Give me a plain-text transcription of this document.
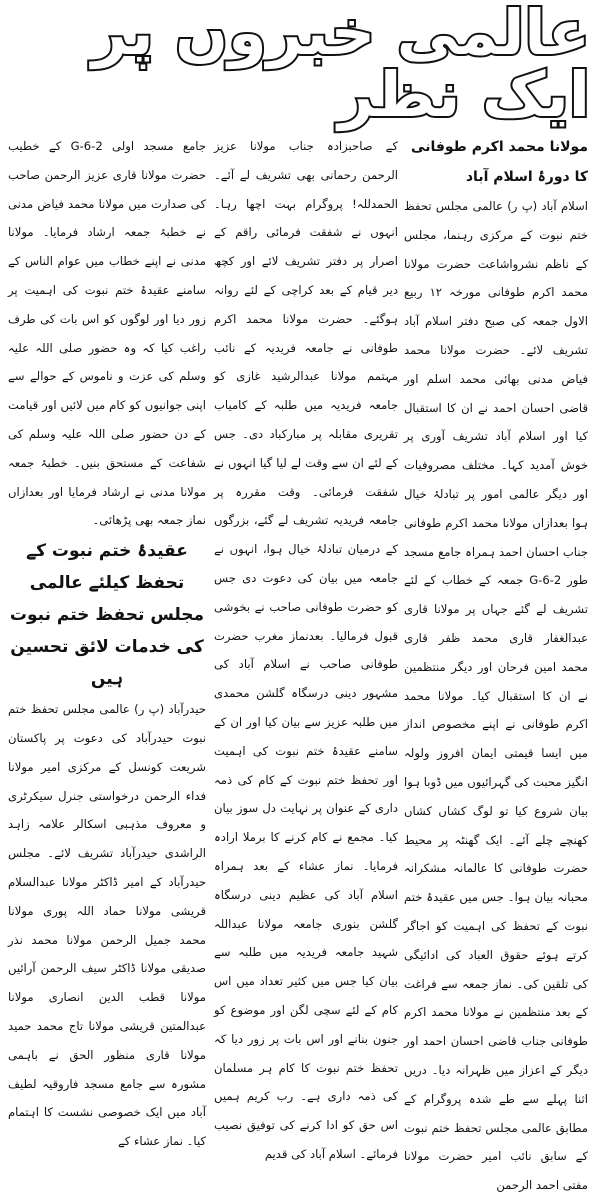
عالمی خبروں پر ایک نظر
مولانا محمد اکرم طوفانی کا دورۂ اسلام آباد

اسلام آباد (پ ر) عالمی مجلس تحفظ ختم نبوت کے مرکزی رہنما، مجلس کے ناظم نشرواشاعت حضرت مولانا محمد اکرم طوفانی مورخہ ۱۲ ربیع الاول جمعہ کی صبح دفتر اسلام آباد تشریف لائے۔ حضرت مولانا محمد فیاض مدنی بھائی محمد اسلم اور قاضی احسان احمد نے ان کا استقبال کیا اور اسلام آباد تشریف آوری پر خوش آمدید کہا۔ مختلف مصروفیات اور دیگر عالمی امور پر تبادلۂ خیال ہوا بعدازاں مولانا محمد اکرم طوفانی جناب احسان احمد ہمراہ جامع مسجد طور G-6-2 جمعہ کے خطاب کے لئے تشریف لے گئے جہاں پر مولانا قاری عبدالغفار قاری محمد ظفر قاری محمد امین فرحان اور دیگر منتظمین نے ان کا استقبال کیا۔ مولانا محمد اکرم طوفانی نے اپنے مخصوص انداز میں ایسا قیمتی ایمان افروز ولولہ انگیز محبت کی گہرائیوں میں ڈوبا ہوا بیان شروع کیا تو لوگ کشاں کشاں کھنچے چلے آئے۔ ایک گھنٹہ پر محیط حضرت طوفانی کا عالمانہ مشکرانہ محبانہ بیان ہوا۔ جس میں عقیدۂ ختم نبوت کے تحفظ کی اہمیت کو اجاگر کرتے ہوئے حقوق العباد کی ادائیگی کی تلقین کی۔ نماز جمعہ سے فراغت کے بعد منتظمین نے مولانا محمد اکرم طوفانی جناب قاضی احسان احمد اور دیگر کے اعزاز میں ظہرانہ دیا۔ دریں اثنا پہلے سے طے شدہ پروگرام کے مطابق عالمی مجلس تحفظ ختم نبوت کے سابق نائب امیر حضرت مولانا مفتی احمد الرحمن

کے صاحبزادہ جناب مولانا عزیز الرحمن رحمانی بھی تشریف لے آئے۔ الحمدللہ! پروگرام بہت اچھا رہا۔ انہوں نے شفقت فرمائی راقم کے اصرار پر دفتر تشریف لائے اور کچھ دیر قیام کے بعد کراچی کے لئے روانہ ہوگئے۔ حضرت مولانا محمد اکرم طوفانی نے جامعہ فریدیہ کے نائب مہتمم مولانا عبدالرشید غازی کو جامعہ فریدیہ میں طلبہ کے کامیاب تقریری مقابلہ پر مبارکباد دی۔ جس کے لئے ان سے وقت لے لیا گیا انہوں نے شفقت فرمائی۔ وقت مقررہ پر جامعہ فریدیہ تشریف لے گئے، بزرگوں کے درمیان تبادلۂ خیال ہوا، انہوں نے جامعہ میں بیان کی دعوت دی جس کو حضرت طوفانی صاحب نے بخوشی قبول فرمالیا۔ بعدنماز مغرب حضرت طوفانی صاحب نے اسلام آباد کی مشہور دینی درسگاہ گلشن محمدی میں طلبہ عزیز سے بیان کیا اور ان کے سامنے عقیدۂ ختم نبوت کی اہمیت اور تحفظ ختم نبوت کے کام کی ذمہ داری کے عنوان پر نہایت دل سوز بیان کیا۔ مجمع نے کام کرنے کا برملا ارادہ فرمایا۔ نماز عشاء کے بعد ہمراہ اسلام آباد کی عظیم دینی درسگاہ گلشن بنوری جامعہ مولانا عبداللہ شہید جامعہ فریدیہ میں طلبہ سے بیان کیا جس میں کثیر تعداد میں اس کام کے لئے سچی لگن اور موضوع کو جنون بنانے اور اس بات پر زور دیا کہ تحفظ ختم نبوت کا کام ہر مسلمان کی ذمہ داری ہے۔ رب کریم ہمیں اس حق کو ادا کرنے کی توفیق نصیب فرمائے۔ اسلام آباد کی قدیم

جامع مسجد اولی G-6-2 کے خطیب حضرت مولانا قاری عزیز الرحمن صاحب کی صدارت میں مولانا محمد فیاض مدنی نے خطبۂ جمعہ ارشاد فرمایا۔ مولانا مدنی نے اپنے خطاب میں عوام الناس کے سامنے عقیدۂ ختم نبوت کی اہمیت پر زور دیا اور لوگوں کو اس بات کی طرف راغب کیا کہ وہ حضور صلی اللہ علیہ وسلم کی عزت و ناموس کے حوالے سے اپنی جوانیوں کو کام میں لائیں اور قیامت کے دن حضور صلی اللہ علیہ وسلم کی شفاعت کے مستحق بنیں۔ خطبۂ جمعہ مولانا مدنی نے ارشاد فرمایا اور بعدازاں نماز جمعہ بھی پڑھائی۔

عقیدۂ ختم نبوت کے تحفظ کیلئے عالمی مجلس تحفظ ختم نبوت کی خدمات لائق تحسین ہیں

حیدرآباد (پ ر) عالمی مجلس تحفظ ختم نبوت حیدرآباد کی دعوت پر پاکستان شریعت کونسل کے مرکزی امیر مولانا فداء الرحمن درخواستی جنرل سیکرٹری و معروف مذہبی اسکالر علامہ زاہد الراشدی حیدرآباد تشریف لائے۔ مجلس حیدرآباد کے امیر ڈاکٹر مولانا عبدالسلام قریشی مولانا حماد اللہ پوری مولانا محمد جمیل الرحمن مولانا محمد نذر صدیقی مولانا ڈاکٹر سیف الرحمن آرائیں مولانا قطب الدین انصاری مولانا عبدالمتین قریشی مولانا تاج محمد حمید مولانا قاری منظور الحق نے باہمی مشورہ سے جامع مسجد فاروقیہ لطیف آباد میں ایک خصوصی نشست کا اہتمام کیا۔ نماز عشاء کے
